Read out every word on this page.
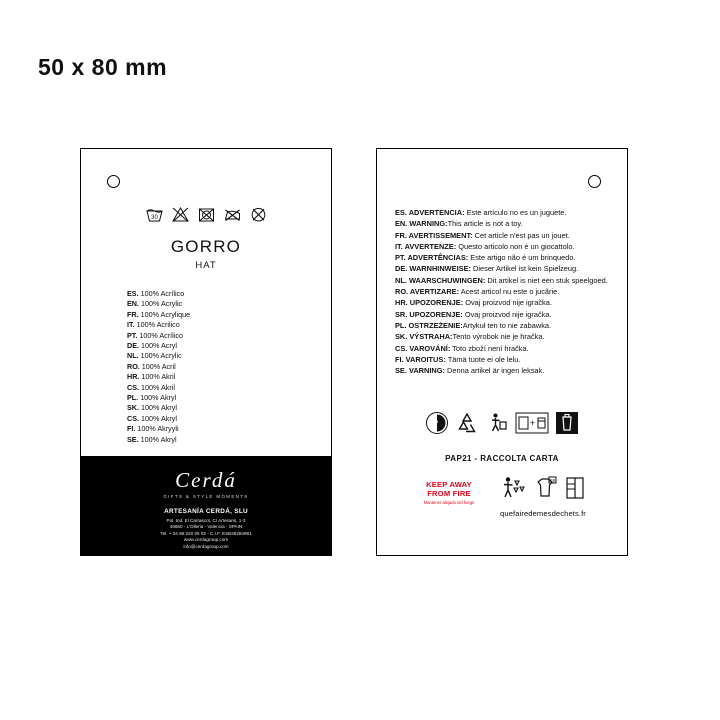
50 x 80 mm
30
GORRO
HAT
ES. 100% Acrílico
EN. 100% Acrylic
FR. 100% Acrylique
IT. 100% Acrilico
PT. 100% Acrílico
DE. 100% Acryl
NL. 100% Acrylic
RO. 100% Acril
HR. 100% Akril
CS. 100% Akril
PL. 100% Akryl
SK. 100% Akryl
CS. 100% Akryl
FI. 100% Akryyli
SE. 100% Akryl
Cerdá
GIFTS & STYLE MOMENTS
ARTESANÍA CERDÁ, SLU
Pol. Ind. El Carrascot, C/ Artesans, 1-3
46650 - L'Olleria - Valencia - SPAIN
Tel. + 34 96 220 05 02 - C.I.F. ESB46284991
www.cerdagroup.com
info@cerdagroup.com
ES. ADVERTENCIA: Este artículo no es un juguete.
EN. WARNING:This article is not a toy.
FR. AVERTISSEMENT: Cet article n'est pas un jouet.
IT. AVVERTENZE: Questo articolo non é un giocattolo.
PT. ADVERTÊNCIAS: Este artigo não é um brinquedo.
DE. WARNHINWEISE: Dieser Artikel ist kein Spielzeug.
NL. WAARSCHUWINGEN: Dit artikel is niet een stuk speelgoed.
RO. AVERTIZARE: Acest articol nu este o jucãrie.
HR. UPOZORENJE: Ovaj proizvod nije igračka.
SR. UPOZORENJE: Ovaj proizvod nije igračka.
PL. OSTRZEŻENIE:Artykuł ten to nie zabawka.
SK. VÝSTRAHA:Tento výrobok nie je hračka.
CS. VAROVÁNÍ: Toto zboží není hračka.
FI. VAROITUS: Tämä tuote ei ole lelu.
SE. VARNING: Denna artikel är ingen leksak.
+
PAP21 - RACCOLTA CARTA
KEEP AWAY
FROM FIRE
Mantener alejado del fuego
F9
quefairedemesdechets.fr
